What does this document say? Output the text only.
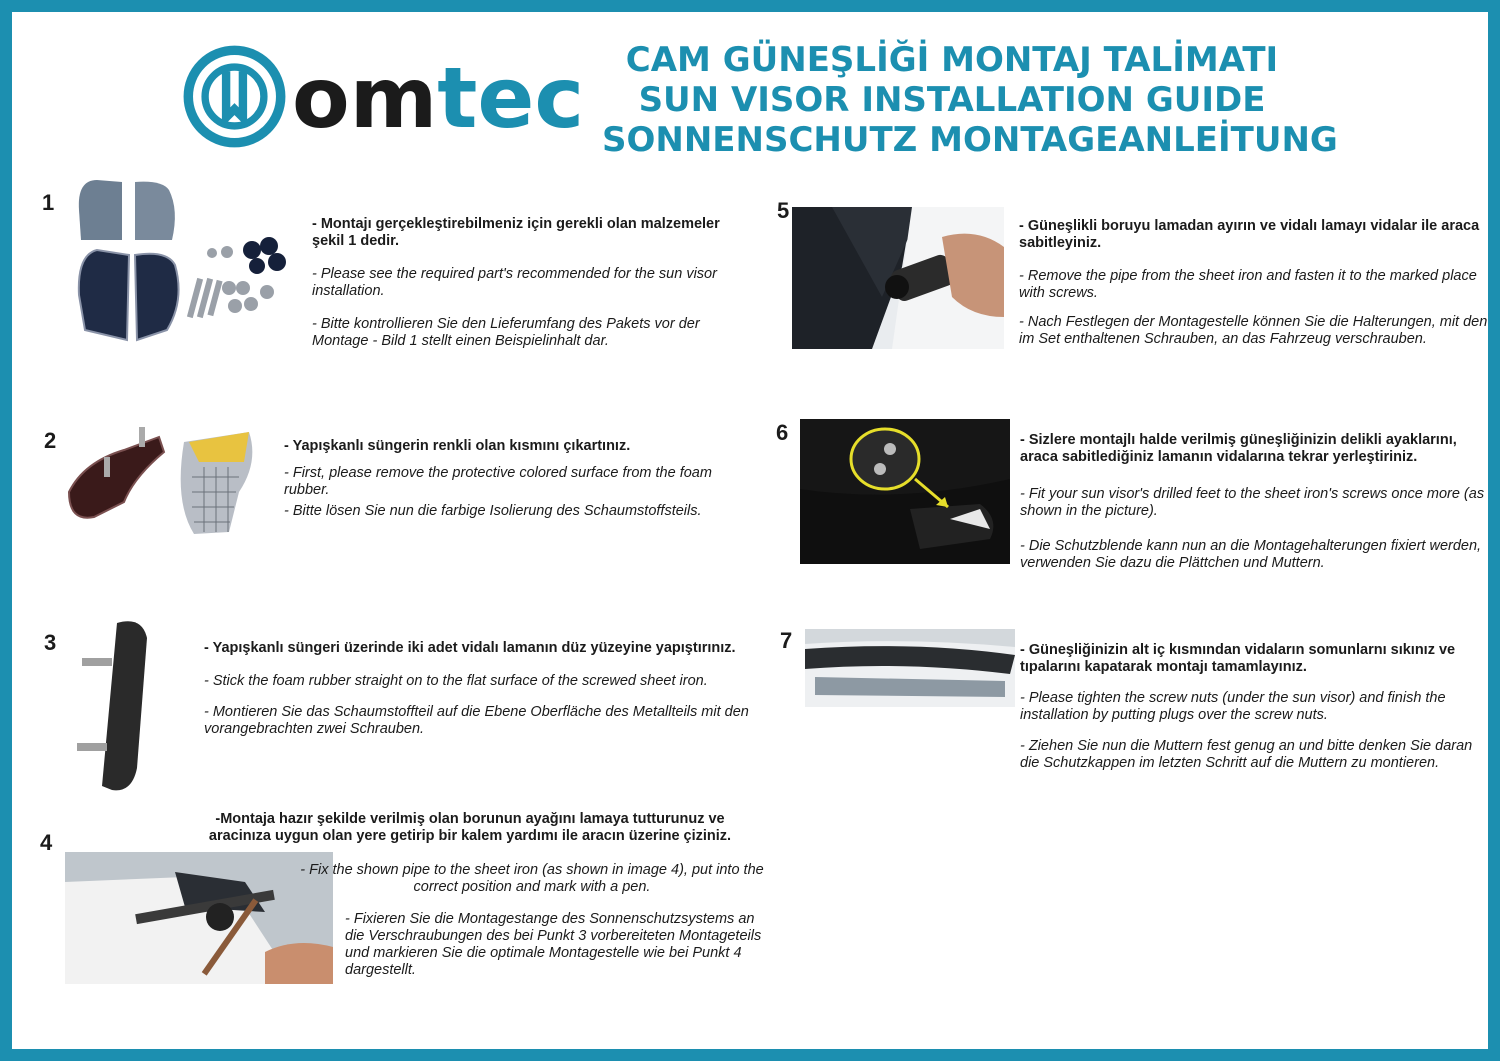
omtec	CAM GÜNEŞLİĞİ MONTAJ TALİMATI
SUN VISOR INSTALLATION GUIDE
SONNENSCHUTZ MONTAGEANLEİTUNG
1

- Montajı gerçekleştirebilmeniz için gerekli olan malzemeler şekil 1 dedir.

- Please see the required part's recommended for the sun visor installation.

- Bitte kontrollieren Sie den Lieferumfang des Pakets vor der Montage - Bild 1 stellt einen Beispielinhalt dar.

2	- Yapışkanlı süngerin renkli olan kısmını çıkartınız.

- First, please remove the protective colored surface from the foam rubber.

- Bitte lösen Sie nun die farbige Isolierung des Schaumstoffsteils.

3	- Yapışkanlı süngeri üzerinde iki adet vidalı lamanın düz yüzeyine yapıştırınız.

- Stick the foam rubber straight on to the flat surface of the screwed sheet iron.

- Montieren Sie das Schaumstoffteil auf die Ebene Oberfläche des Metallteils mit den vorangebrachten zwei Schrauben.

4

-Montaja hazır şekilde verilmiş olan borunun ayağını lamaya tutturunuz ve aracinıza uygun olan yere getirip bir kalem yardımı ile aracın üzerine çiziniz.

- Fix the shown pipe to the sheet iron (as shown in image 4), put into the correct position and mark with a pen.

- Fixieren Sie die Montagestange des Sonnenschutzsystems an die Verschraubungen des bei Punkt 3 vorbereiteten Montageteils und markieren Sie die optimale Montagestelle wie bei Punkt 4 dargestellt.

5

- Güneşlikli boruyu lamadan ayırın ve vidalı lamayı vidalar ile araca sabitleyiniz.

- Remove the pipe from the sheet iron and fasten it to the marked place with screws.

- Nach Festlegen der Montagestelle können Sie die Halterungen, mit den im Set enthaltenen Schrauben, an das Fahrzeug verschrauben.

6	- Sizlere montajlı halde verilmiş güneşliğinizin delikli ayaklarını, araca sabitlediğiniz lamanın vidalarına tekrar yerleştiriniz.

- Fit your sun visor's drilled feet to the sheet iron's screws once more (as shown in the picture).

- Die Schutzblende kann nun an die Montagehalterungen fixiert werden, verwenden Sie dazu die Plättchen und Muttern.

7	- Güneşliğinizin alt iç kısmından vidaların somunlarnı sıkınız ve tıpalarını kapatarak montajı tamamlayınız.

- Please tighten the screw nuts (under the sun visor) and finish the installation by putting plugs over the screw nuts.

- Ziehen Sie nun die Muttern fest genug an und bitte denken Sie daran die Schutzkappen im letzten Schritt auf die Muttern zu montieren.
